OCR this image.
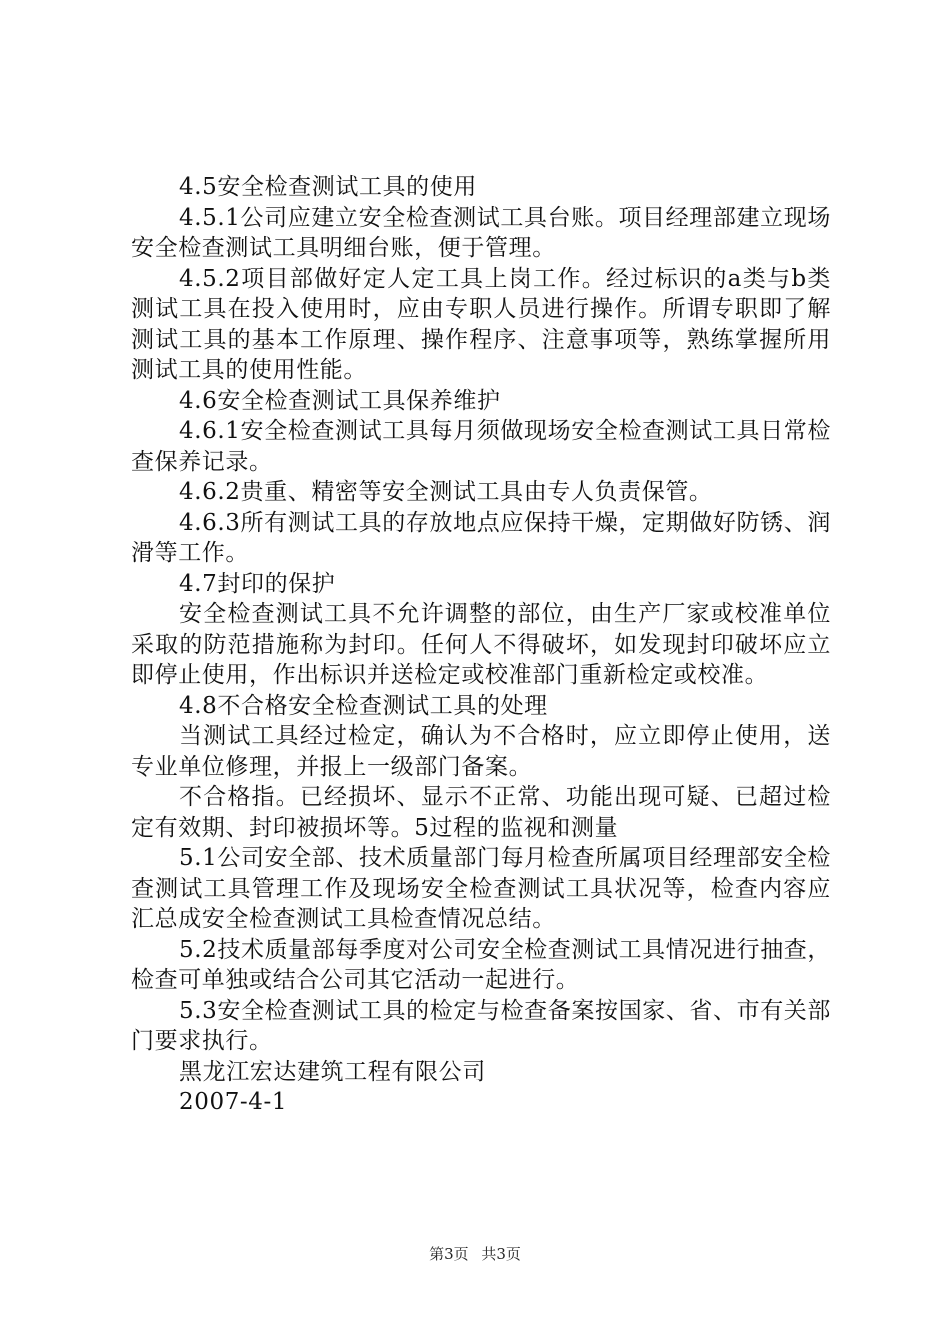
4.5安全检查测试工具的使用

4.5.1公司应建立安全检查测试工具台账。项目经理部建立现场安全检查测试工具明细台账，便于管理。

4.5.2项目部做好定人定工具上岗工作。经过标识的a类与b类测试工具在投入使用时，应由专职人员进行操作。所谓专职即了解测试工具的基本工作原理、操作程序、注意事项等，熟练掌握所用测试工具的使用性能。

4.6安全检查测试工具保养维护

4.6.1安全检查测试工具每月须做现场安全检查测试工具日常检查保养记录。

4.6.2贵重、精密等安全测试工具由专人负责保管。

4.6.3所有测试工具的存放地点应保持干燥，定期做好防锈、润滑等工作。

4.7封印的保护

安全检查测试工具不允许调整的部位，由生产厂家或校准单位采取的防范措施称为封印。任何人不得破坏，如发现封印破坏应立即停止使用，作出标识并送检定或校准部门重新检定或校准。

4.8不合格安全检查测试工具的处理

当测试工具经过检定，确认为不合格时，应立即停止使用，送专业单位修理，并报上一级部门备案。

不合格指。已经损坏、显示不正常、功能出现可疑、已超过检定有效期、封印被损坏等。5过程的监视和测量

5.1公司安全部、技术质量部门每月检查所属项目经理部安全检查测试工具管理工作及现场安全检查测试工具状况等，检查内容应汇总成安全检查测试工具检查情况总结。

5.2技术质量部每季度对公司安全检查测试工具情况进行抽查，检查可单独或结合公司其它活动一起进行。

5.3安全检查测试工具的检定与检查备案按国家、省、市有关部门要求执行。

黑龙江宏达建筑工程有限公司

2007-4-1

第3页 共3页
